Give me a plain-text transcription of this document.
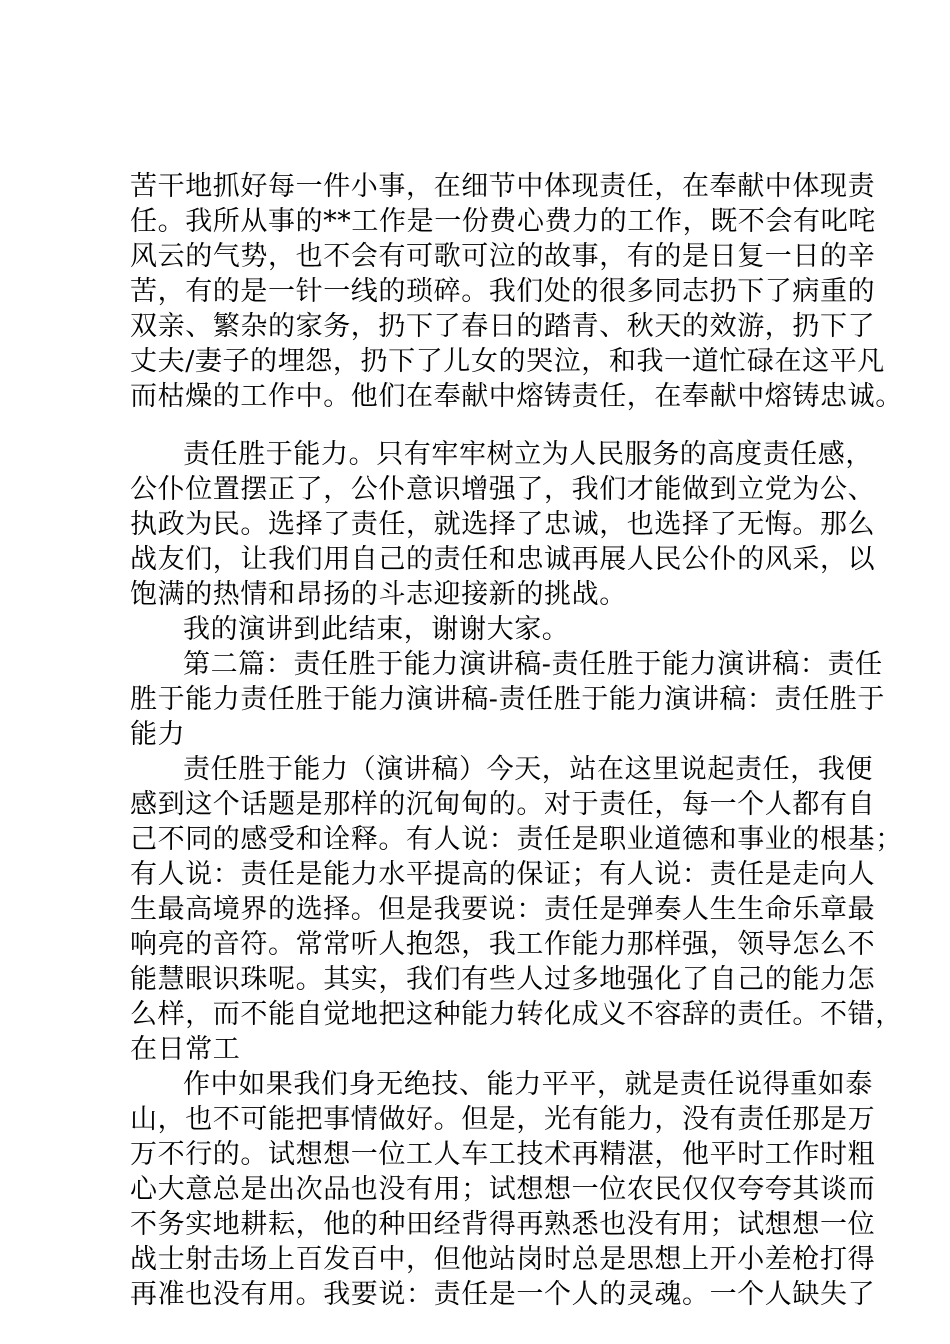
苦干地抓好每一件小事，在细节中体现责任，在奉献中体现责
任。我所从事的**工作是一份费心费力的工作，既不会有叱咤
风云的气势，也不会有可歌可泣的故事，有的是日复一日的辛
苦，有的是一针一线的琐碎。我们处的很多同志扔下了病重的
双亲、繁杂的家务，扔下了春日的踏青、秋天的效游，扔下了
丈夫/妻子的埋怨，扔下了儿女的哭泣，和我一道忙碌在这平凡
而枯燥的工作中。他们在奉献中熔铸责任，在奉献中熔铸忠诚。
责任胜于能力。只有牢牢树立为人民服务的高度责任感，
公仆位置摆正了，公仆意识增强了，我们才能做到立党为公、
执政为民。选择了责任，就选择了忠诚，也选择了无悔。那么
战友们，让我们用自己的责任和忠诚再展人民公仆的风采，以
饱满的热情和昂扬的斗志迎接新的挑战。
我的演讲到此结束，谢谢大家。
第二篇：责任胜于能力演讲稿-责任胜于能力演讲稿：责任
胜于能力责任胜于能力演讲稿-责任胜于能力演讲稿：责任胜于
能力
责任胜于能力（演讲稿）今天，站在这里说起责任，我便
感到这个话题是那样的沉甸甸的。对于责任，每一个人都有自
己不同的感受和诠释。有人说：责任是职业道德和事业的根基；
有人说：责任是能力水平提高的保证；有人说：责任是走向人
生最高境界的选择。但是我要说：责任是弹奏人生生命乐章最
响亮的音符。常常听人抱怨，我工作能力那样强，领导怎么不
能慧眼识珠呢。其实，我们有些人过多地强化了自己的能力怎
么样，而不能自觉地把这种能力转化成义不容辞的责任。不错，
在日常工
作中如果我们身无绝技、能力平平，就是责任说得重如泰
山，也不可能把事情做好。但是，光有能力，没有责任那是万
万不行的。试想想一位工人车工技术再精湛，他平时工作时粗
心大意总是出次品也没有用；试想想一位农民仅仅夸夸其谈而
不务实地耕耘，他的种田经背得再熟悉也没有用；试想想一位
战士射击场上百发百中，但他站岗时总是思想上开小差枪打得
再准也没有用。我要说：责任是一个人的灵魂。一个人缺失了
